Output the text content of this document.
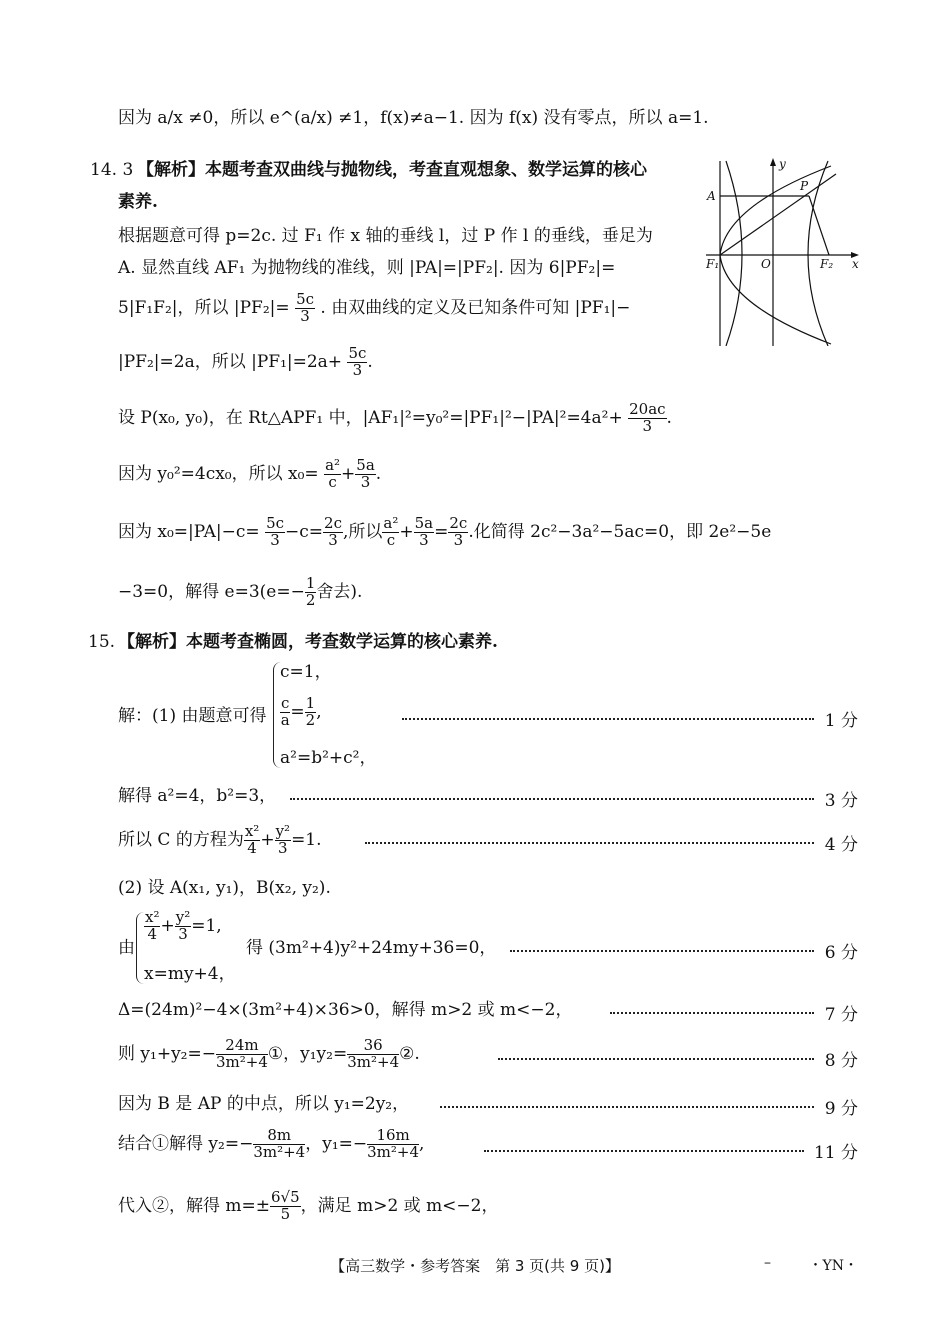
因为 a/x ≠0，所以 e^(a/x) ≠1，f(x)≠a−1. 因为 f(x) 没有零点，所以 a=1.
14. 3 【解析】本题考查双曲线与抛物线，考查直观想象、数学运算的核心
素养.
根据题意可得 p=2c. 过 F₁ 作 x 轴的垂线 l，过 P 作 l 的垂线，垂足为
A. 显然直线 AF₁ 为抛物线的准线，则 |PA|=|PF₂|. 因为 6|PF₂|=
5|F₁F₂|，所以 $|PF_2|= \frac{5c}{3}$ . 由双曲线的定义及已知条件可知 |PF₁|−
|PF₂|=2a，所以 $|PF_1|=2a+ \frac{5c}{3}$ .
设 P(x₀, y₀)，在 Rt△APF₁ 中，$|AF_1|^2=y_0^2=|PF_1|^2-|PA|^2=4a^2+ \frac{20ac}{3}$ .
因为 y₀²=4cx₀，所以 $x_0= \frac{\text{a²}}{c} + \frac{5a}{3}$ .
因为 $x_0=|PA|-c= \frac{5c}{3} -c= \frac{2c}{3}$ ,所以 $\frac{\text{a²}}{c} + \frac{5a}{3} = \frac{2c}{3}$ .化简得 2c²−3a²−5ac=0，即 2e²−5e
−3=0，解得 $e=3(e=- \frac{1}{2}$ 舍去).
y
x
A
P
F₁	O	F₂
15. 【解析】本题考查椭圆，考查数学运算的核心素养.
解：(1) 由题意可得
c=1，
$\frac{c}{a} = \frac{1}{2}$ ,
a²=b²+c²，
1 分
解得 a²=4，b²=3，	3 分
所以 C 的方程为 $\frac{\text{x²}}{4} + \frac{\text{y²}}{3} =1$.	4 分
(2) 设 A(x₁, y₁)，B(x₂, y₂).
由
$\frac{\text{x²}}{4} + \frac{\text{y²}}{3} =1$,
x=my+4，
得 (3m²+4)y²+24my+36=0，	6 分
Δ=(24m)²−4×(3m²+4)×36>0，解得 m>2 或 m<−2，	7 分
则 $y_1+y_2=- \frac{24m}{\text{3m²+4}}$ ①，$y_1y_2= \frac{36}{\text{3m²+4}}$ ②.	8 分
因为 B 是 AP 的中点，所以 y₁=2y₂，	9 分
结合①解得 $y_2=- \frac{8m}{\text{3m²+4}}$ ，$y_1=- \frac{16m}{\text{3m²+4}}$ ,	11 分
代入②，解得 $m=\pm \frac{6√5}{5}$ ，满足 m>2 或 m<−2，
【高三数学・参考答案　第 3 页(共 9 页)】	–	・YN・
